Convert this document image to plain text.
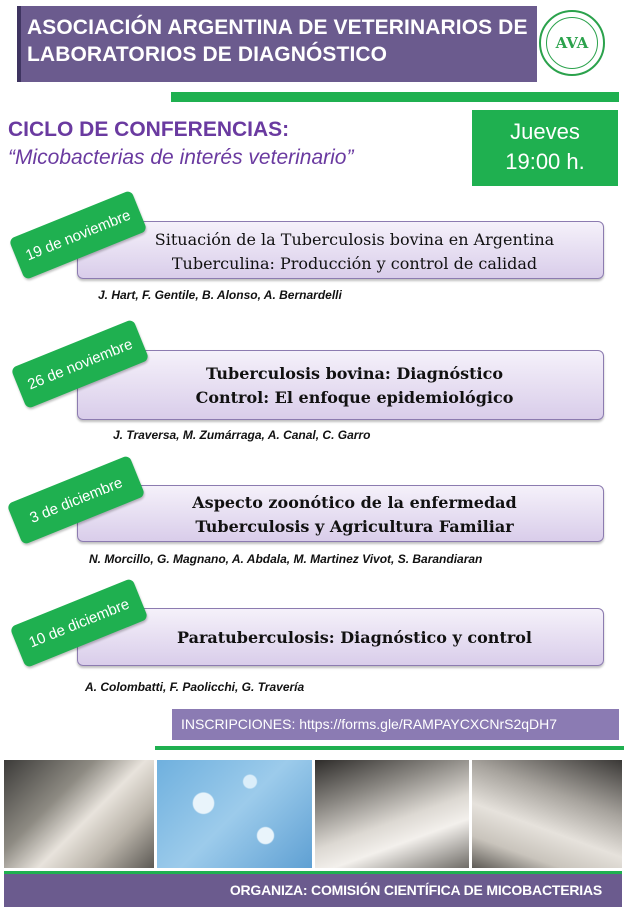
ASOCIACIÓN ARGENTINA DE VETERINARIOS DE
LABORATORIOS DE DIAGNÓSTICO	AVA
CICLO DE CONFERENCIAS:
“Micobacterias de interés veterinario”
Jueves
19:00 h.
Situación de la Tuberculosis bovina en Argentina
Tuberculina: Producción y control de calidad
19 de noviembre
J. Hart, F. Gentile, B. Alonso, A. Bernardelli
Tuberculosis bovina: Diagnóstico
Control: El enfoque epidemiológico
26 de noviembre
J. Traversa, M. Zumárraga, A. Canal, C. Garro
Aspecto zoonótico de la enfermedad
Tuberculosis y Agricultura Familiar
3 de diciembre
N. Morcillo, G. Magnano, A. Abdala, M. Martinez Vivot, S. Barandiaran
Paratuberculosis: Diagnóstico y control
10 de diciembre
A. Colombatti, F. Paolicchi, G. Travería
INSCRIPCIONES: https://forms.gle/RAMPAYCXCNrS2qDH7
ORGANIZA: COMISIÓN CIENTÍFICA DE MICOBACTERIAS
